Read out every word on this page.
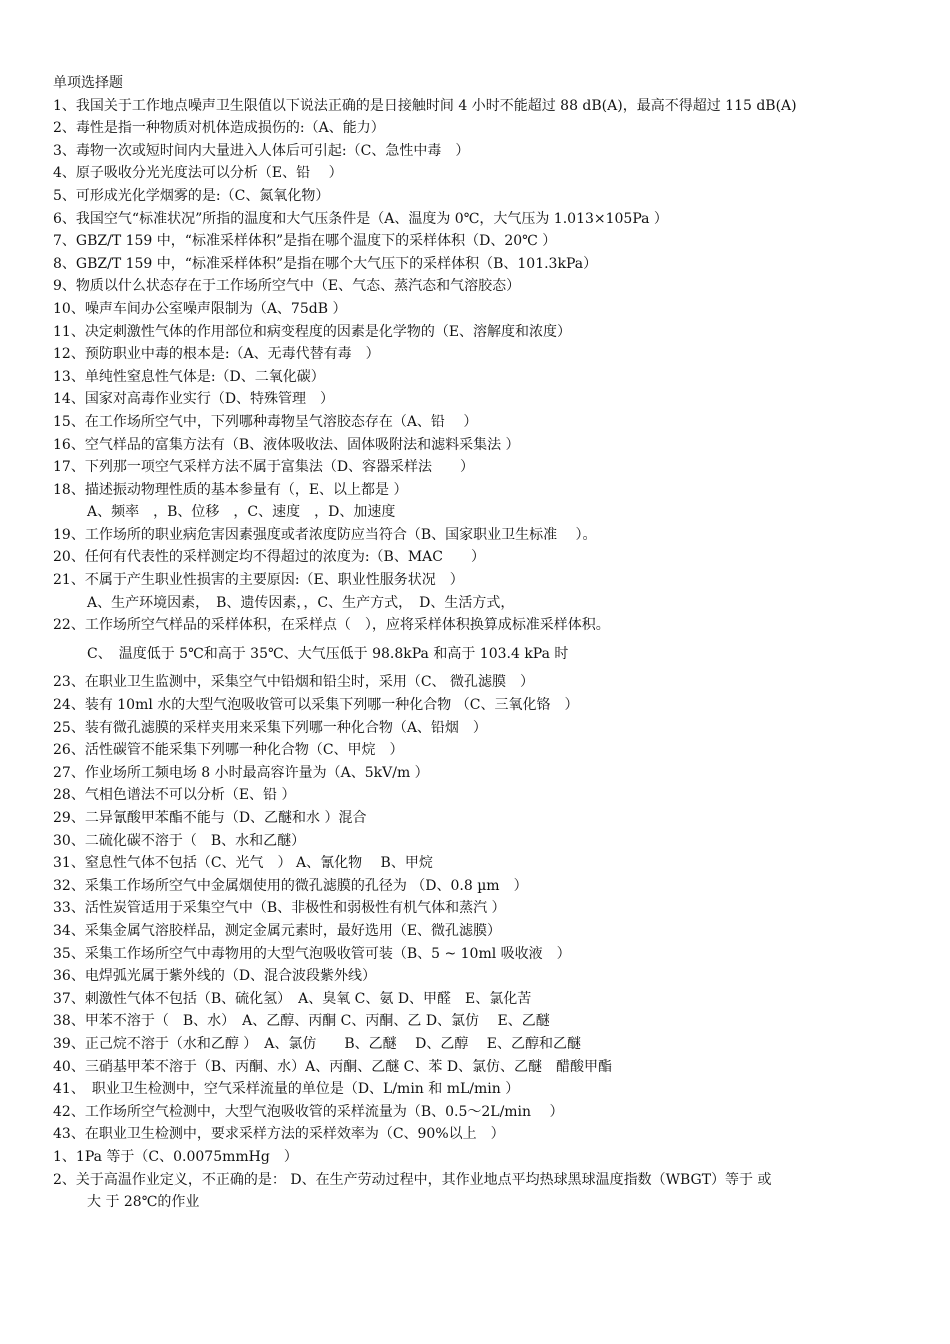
单项选择题
1、我国关于工作地点噪声卫生限值以下说法正确的是日接触时间 4 小时不能超过 88 dB(A)，最高不得超过 115 dB(A)
2、毒性是指一种物质对机体造成损伤的:（A、能力）
3、毒物一次或短时间内大量进入人体后可引起:（C、急性中毒　）
4、原子吸收分光光度法可以分析（E、铅　 ）
5、可形成光化学烟雾的是:（C、氮氧化物）
6、我国空气“标准状况”所指的温度和大气压条件是（A、温度为 0℃，大气压为 1.013×105Pa ）
7、GBZ/T 159 中，“标准采样体积”是指在哪个温度下的采样体积（D、20℃ ）
8、GBZ/T 159 中，“标准采样体积”是指在哪个大气压下的采样体积（B、101.3kPa）
9、物质以什么状态存在于工作场所空气中（E、气态、蒸汽态和气溶胶态）
10、噪声车间办公室噪声限制为（A、75dB ）
11、决定刺激性气体的作用部位和病变程度的因素是化学物的（E、溶解度和浓度）
12、预防职业中毒的根本是:（A、无毒代替有毒　）
13、单纯性窒息性气体是:（D、二氧化碳）
14、国家对高毒作业实行（D、特殊管理　）
15、在工作场所空气中，下列哪种毒物呈气溶胶态存在（A、铅　 ）
16、空气样品的富集方法有（B、液体吸收法、固体吸附法和滤料采集法 ）
17、下列那一项空气采样方法不属于富集法（D、容器采样法　　）
18、描述振动物理性质的基本参量有（，E、以上都是 ）
A、频率　，B、位移　，C、速度　，D、加速度
19、工作场所的职业病危害因素强度或者浓度防应当符合（B、国家职业卫生标准　 ）。
20、任何有代表性的采样测定均不得超过的浓度为:（B、MAC　　）
21、不属于产生职业性损害的主要原因:（E、职业性服务状况　）
A、生产环境因素，　B、遗传因素，，C、生产方式，　D、生活方式，
22、工作场所空气样品的采样体积，在采样点（　），应将采样体积换算成标准采样体积。
C、　温度低于 5℃和高于 35℃、大气压低于 98.8kPa 和高于 103.4 kPa 时
23、在职业卫生监测中，采集空气中铅烟和铅尘时，采用（C、 微孔滤膜　）
24、装有 10ml 水的大型气泡吸收管可以采集下列哪一种化合物 （C、三氧化铬　）
25、装有微孔滤膜的采样夹用来采集下列哪一种化合物（A、铅烟　）
26、活性碳管不能采集下列哪一种化合物（C、甲烷　）
27、作业场所工频电场 8 小时最高容许量为（A、5kV/m ）
28、气相色谱法不可以分析（E、铅 ）
29、二异氰酸甲苯酯不能与（D、乙醚和水 ）混合
30、二硫化碳不溶于（　B、水和乙醚）
31、窒息性气体不包括（C、光气　） A、氰化物　 B、甲烷
32、采集工作场所空气中金属烟使用的微孔滤膜的孔径为 （D、0.8 µm　）
33、活性炭管适用于采集空气中（B、非极性和弱极性有机气体和蒸汽 ）
34、采集金属气溶胶样品，测定金属元素时，最好选用（E、微孔滤膜）
35、采集工作场所空气中毒物用的大型气泡吸收管可装（B、5 ~ 10ml 吸收液　）
36、电焊弧光属于紫外线的（D、混合波段紫外线）
37、刺激性气体不包括（B、硫化氢）　A、臭氧 C、氨 D、甲醛　E、氯化苦
38、甲苯不溶于（　B、水）　A、乙醇、丙酮 C、丙酮、乙 D、氯仿　 E、乙醚
39、正己烷不溶于（水和乙醇 ）　A、氯仿　　B、乙醚　 D、乙醇　 E、乙醇和乙醚
40、三硝基甲苯不溶于（B、丙酮、水）A、丙酮、乙醚 C、苯 D、氯仿、乙醚　醋酸甲酯
41、　职业卫生检测中，空气采样流量的单位是（D、L/min 和 mL/min ）
42、工作场所空气检测中，大型气泡吸收管的采样流量为（B、0.5～2L/min　 ）
43、在职业卫生检测中，要求采样方法的采样效率为（C、90%以上　）
1、1Pa 等于（C、0.0075mmHg　）
2、关于高温作业定义，不正确的是： D、在生产劳动过程中，其作业地点平均热球黑球温度指数（WBGT）等于 或
大 于 28℃的作业
